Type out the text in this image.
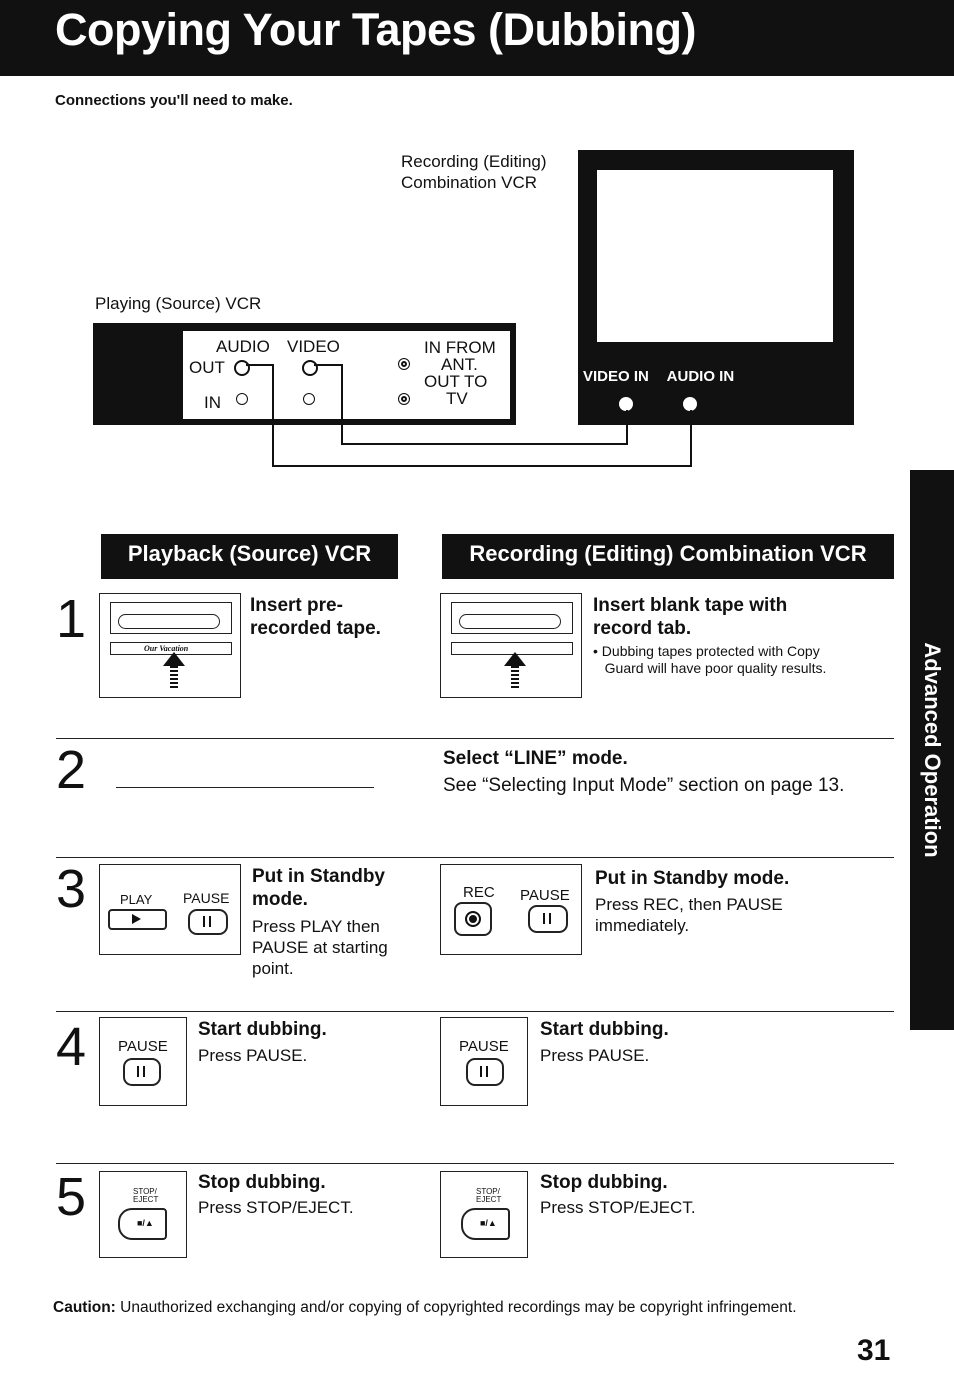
Copying Your Tapes (Dubbing)
Connections you'll need to make.
Recording (Editing)
Combination VCR
VIDEO IN AUDIO IN
Playing (Source) VCR
AUDIO VIDEO
OUT
IN
IN FROM
ANT.
OUT TO
TV
Playback (Source) VCR	Recording (Editing) Combination VCR
Advanced Operation
1	Our Vacation
Insert pre-
recorded tape.
Insert blank tape with
record tab.
• Dubbing tapes protected with Copy
Guard will have poor quality results.
2	Select “LINE” mode.
See “Selecting Input Mode” section on page 13.
3	PLAY PAUSE
Put in Standby
mode.
Press PLAY then
PAUSE at starting
point.
REC PAUSE
Put in Standby mode.
Press REC, then PAUSE
immediately.
4 PAUSE
Start dubbing.
Press PAUSE.	PAUSE
Start dubbing.
Press PAUSE.
5	STOP/
EJECT
■/▲
Stop dubbing.
Press STOP/EJECT.
STOP/
EJECT
■/▲
Stop dubbing.
Press STOP/EJECT.
Caution: Unauthorized exchanging and/or copying of copyrighted recordings may be copyright infringement.
31
